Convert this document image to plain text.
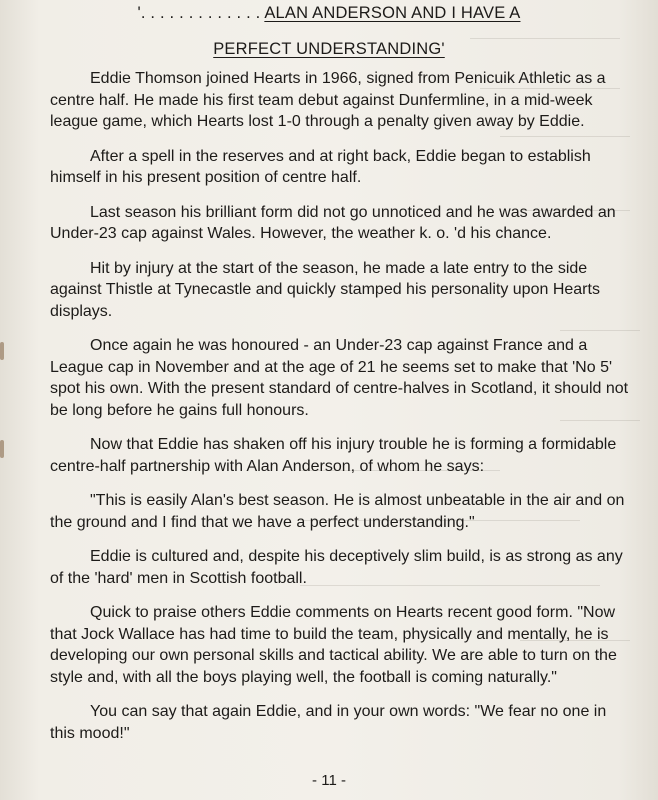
'. . . . . . . . . . . . . ALAN ANDERSON AND I HAVE A
PERFECT UNDERSTANDING'

Eddie Thomson joined Hearts in 1966, signed from Penicuik Athletic as a centre half. He made his first team debut against Dunfermline, in a mid-week league game, which Hearts lost 1-0 through a penalty given away by Eddie.

After a spell in the reserves and at right back, Eddie began to establish himself in his present position of centre half.

Last season his brilliant form did not go unnoticed and he was awarded an Under-23 cap against Wales. However, the weather k. o. 'd his chance.

Hit by injury at the start of the season, he made a late entry to the side against Thistle at Tynecastle and quickly stamped his personality upon Hearts displays.

Once again he was honoured - an Under-23 cap against France and a League cap in November and at the age of 21 he seems set to make that 'No 5' spot his own. With the present standard of centre-halves in Scotland, it should not be long before he gains full honours.

Now that Eddie has shaken off his injury trouble he is forming a formidable centre-half partnership with Alan Anderson, of whom he says:

"This is easily Alan's best season. He is almost unbeatable in the air and on the ground and I find that we have a perfect understanding."

Eddie is cultured and, despite his deceptively slim build, is as strong as any of the 'hard' men in Scottish football.

Quick to praise others Eddie comments on Hearts recent good form. "Now that Jock Wallace has had time to build the team, physically and mentally, he is developing our own personal skills and tactical ability. We are able to turn on the style and, with all the boys playing well, the football is coming naturally."

You can say that again Eddie, and in your own words: "We fear no one in this mood!"

- 11 -
